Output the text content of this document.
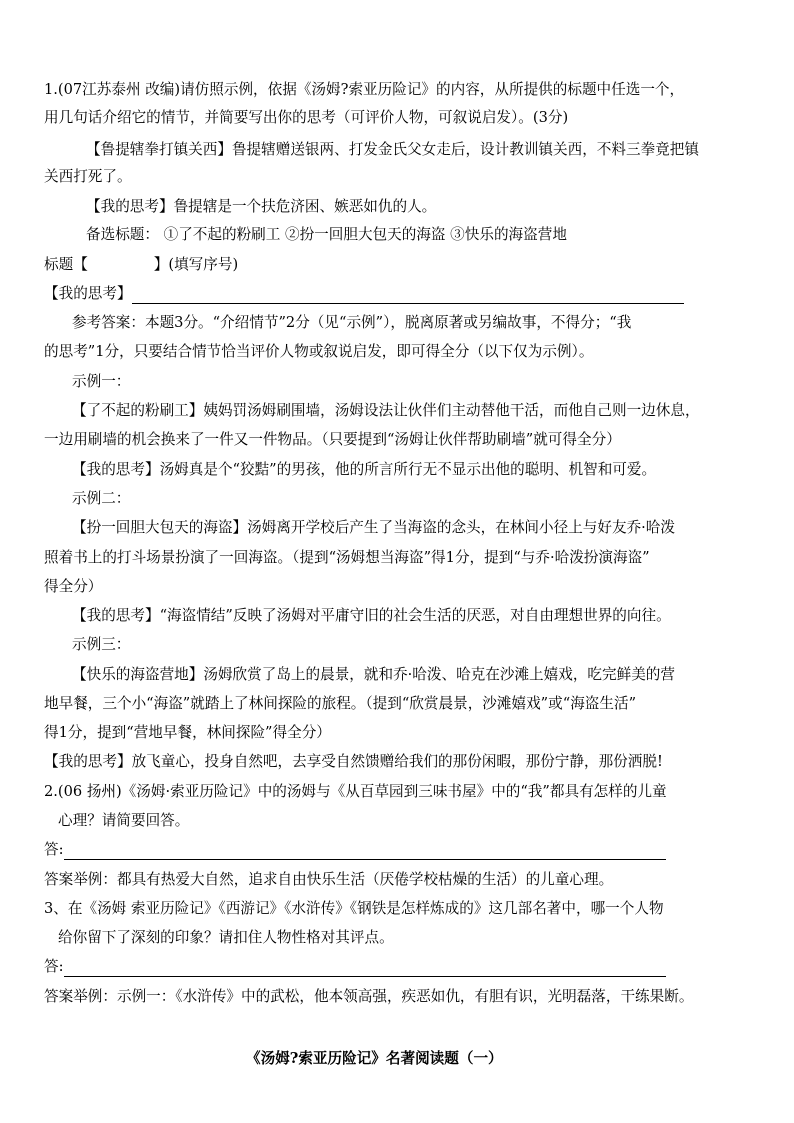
1.(07江苏泰州 改编)请仿照示例，依据《汤姆?索亚历险记》的内容，从所提供的标题中任选一个，
用几句话介绍它的情节，并简要写出你的思考（可评价人物，可叙说启发）。(3分)
【鲁提辖拳打镇关西】鲁提辖赠送银两、打发金氏父女走后，设计教训镇关西，不料三拳竟把镇
关西打死了。
【我的思考】鲁提辖是一个扶危济困、嫉恶如仇的人。
备选标题： ①了不起的粉刷工 ②扮一回胆大包天的海盗 ③快乐的海盗营地
标题【	】(填写序号)
【我的思考】
参考答案：本题3分。“介绍情节”2分（见“示例”），脱离原著或另编故事，不得分；“我
的思考”1分，只要结合情节恰当评价人物或叙说启发，即可得全分（以下仅为示例）。
示例一：
【了不起的粉刷工】姨妈罚汤姆刷围墙，汤姆设法让伙伴们主动替他干活，而他自己则一边休息，
一边用刷墙的机会换来了一件又一件物品。（只要提到“汤姆让伙伴帮助刷墙”就可得全分）
【我的思考】汤姆真是个“狡黠”的男孩，他的所言所行无不显示出他的聪明、机智和可爱。
示例二：
【扮一回胆大包天的海盗】汤姆离开学校后产生了当海盗的念头，在林间小径上与好友乔·哈泼
照着书上的打斗场景扮演了一回海盗。（提到“汤姆想当海盗”得1分，提到“与乔·哈泼扮演海盗”
得全分）
【我的思考】“海盗情结”反映了汤姆对平庸守旧的社会生活的厌恶，对自由理想世界的向往。
示例三：
【快乐的海盗营地】汤姆欣赏了岛上的晨景，就和乔·哈泼、哈克在沙滩上嬉戏，吃完鲜美的营
地早餐，三个小“海盗”就踏上了林间探险的旅程。（提到“欣赏晨景，沙滩嬉戏”或“海盗生活”
得1分，提到“营地早餐，林间探险”得全分）
【我的思考】放飞童心，投身自然吧，去享受自然馈赠给我们的那份闲暇，那份宁静，那份洒脱!
2.(06 扬州)《汤姆·索亚历险记》中的汤姆与《从百草园到三味书屋》中的“我”都具有怎样的儿童
心理？请简要回答。
答:
答案举例：都具有热爱大自然，追求自由快乐生活（厌倦学校枯燥的生活）的儿童心理。
3、在《汤姆 索亚历险记》《西游记》《水浒传》《钢铁是怎样炼成的》这几部名著中，哪一个人物
给你留下了深刻的印象？请扣住人物性格对其评点。
答:
答案举例：示例一：《水浒传》中的武松，他本领高强，疾恶如仇，有胆有识，光明磊落，干练果断。
《汤姆?索亚历险记》名著阅读题（一）
